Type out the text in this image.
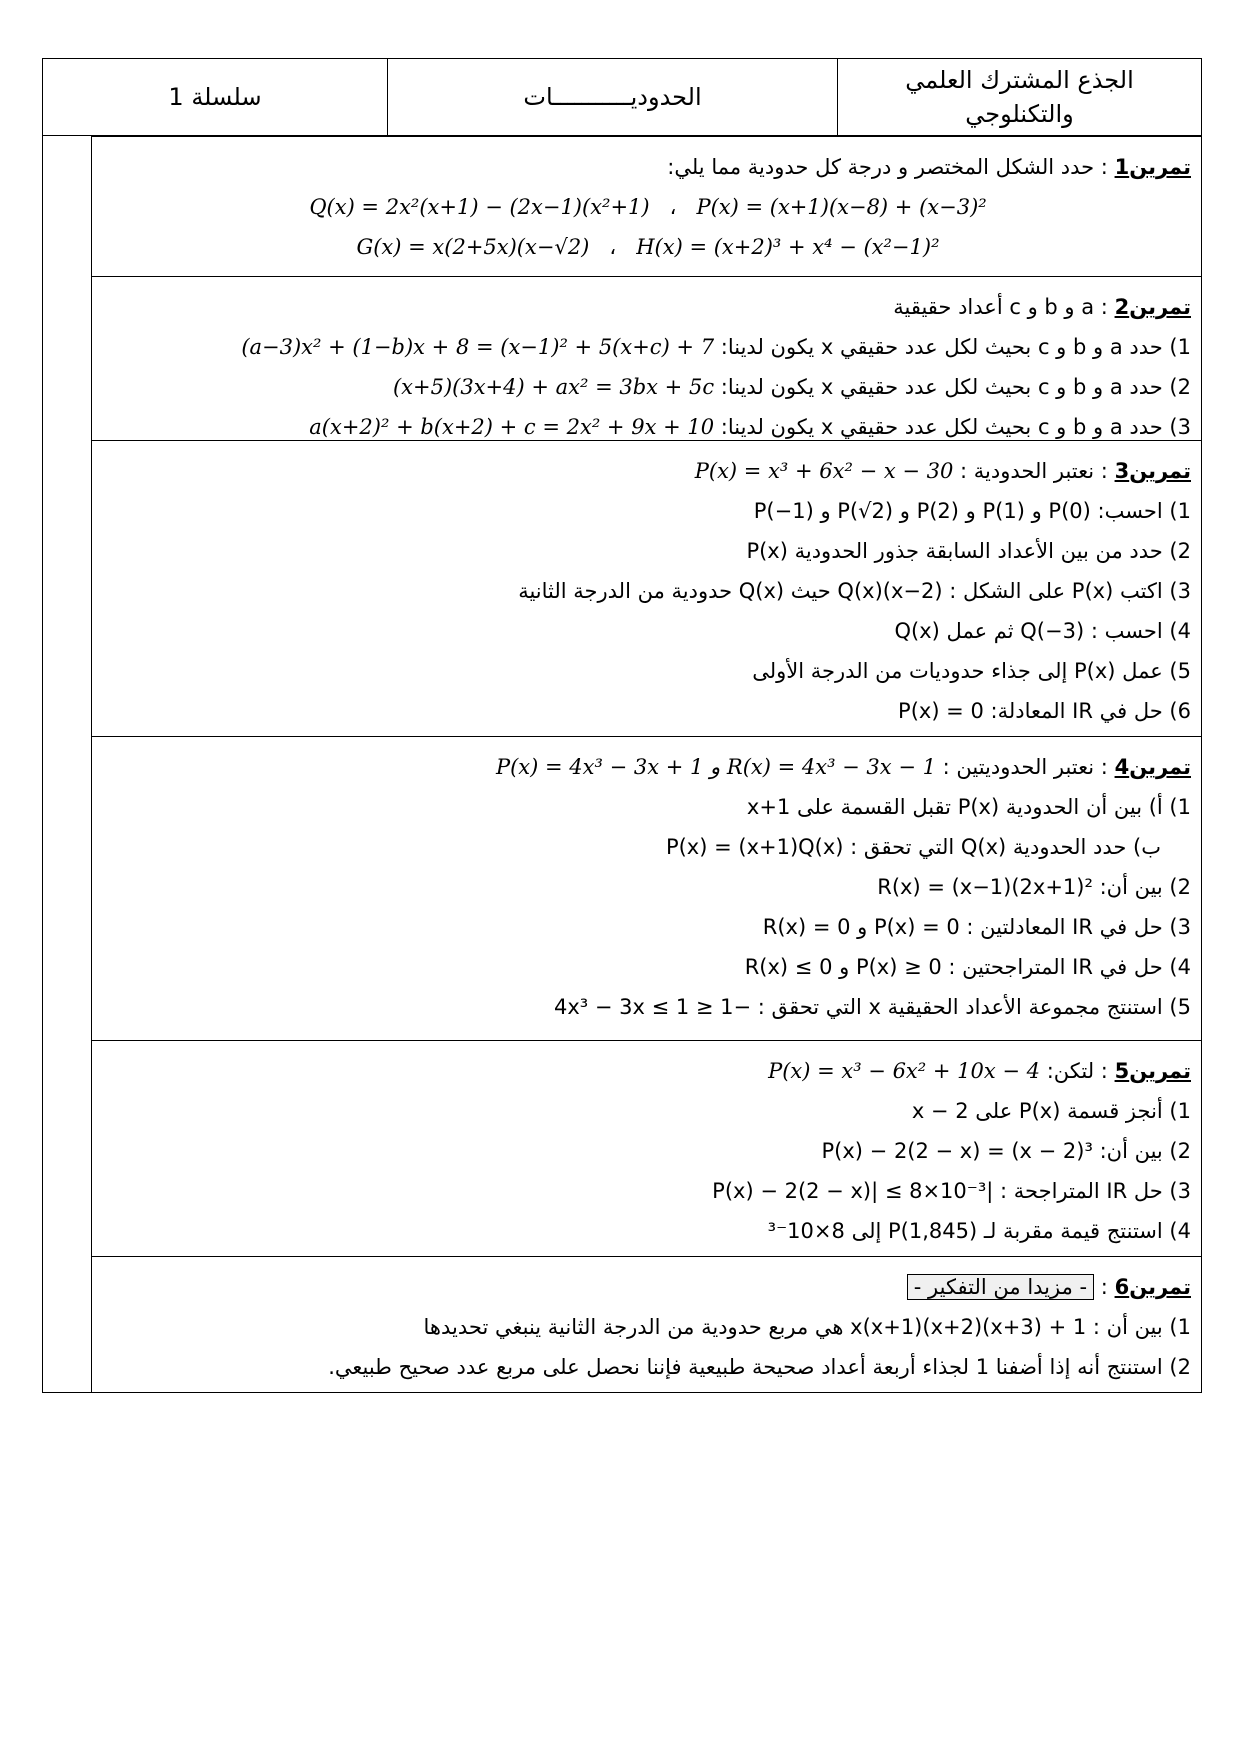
سلسلة 1	الحدوديـــــــــــات
الجذع المشترك العلمي
والتكنلوجي
تمرين1 : حدد الشكل المختصر و درجة كل حدودية مما يلي:
P(x) = (x+1)(x−8) + (x−3)²   ،   Q(x) = 2x²(x+1) − (2x−1)(x²+1)
H(x) = (x+2)³ + x⁴ − (x²−1)²   ،   G(x) = x(2+5x)(x−√2)
تمرين2 : a و b و c أعداد حقيقية
1) حدد a و b و c بحيث لكل عدد حقيقي x يكون لدينا: (a−3)x² + (1−b)x + 8 = (x−1)² + 5(x+c) + 7
2) حدد a و b و c بحيث لكل عدد حقيقي x يكون لدينا: (x+5)(3x+4) + ax² = 3bx + 5c
3) حدد a و b و c بحيث لكل عدد حقيقي x يكون لدينا: a(x+2)² + b(x+2) + c = 2x² + 9x + 10
تمرين3 : نعتبر الحدودية : P(x) = x³ + 6x² − x − 30
1) احسب: P(0) و P(1) و P(2) و P(√2) و P(−1)
2) حدد من بين الأعداد السابقة جذور الحدودية P(x)
3) اكتب P(x) على الشكل : (x−2)Q(x) حيث Q(x) حدودية من الدرجة الثانية
4) احسب : Q(−3) ثم عمل Q(x)
5) عمل P(x) إلى جذاء حدوديات من الدرجة الأولى
6) حل في IR المعادلة: P(x) = 0
تمرين4 : نعتبر الحدوديتين : P(x) = 4x³ − 3x + 1 و R(x) = 4x³ − 3x − 1
1) أ) بين أن الحدودية P(x) تقبل القسمة على x+1
ب) حدد الحدودية Q(x) التي تحقق : P(x) = (x+1)Q(x)
2) بين أن: R(x) = (x−1)(2x+1)²
3) حل في IR المعادلتين : P(x) = 0 و R(x) = 0
4) حل في IR المتراجحتين : P(x) ≥ 0 و R(x) ≤ 0
5) استنتج مجموعة الأعداد الحقيقية x التي تحقق : −1 ≤ 4x³ − 3x ≤ 1
تمرين5 : لتكن: P(x) = x³ − 6x² + 10x − 4
1) أنجز قسمة P(x) على x − 2
2) بين أن: P(x) − 2(2 − x) = (x − 2)³
3) حل IR المتراجحة : |P(x) − 2(2 − x)| ≤ 8×10⁻³
4) استنتج قيمة مقربة لـ P(1,845) إلى 8×10⁻³
تمرين6 : - مزيدا من التفكير -
1) بين أن : x(x+1)(x+2)(x+3) + 1 هي مربع حدودية من الدرجة الثانية ينبغي تحديدها
2) استنتج أنه إذا أضفنا 1 لجذاء أربعة أعداد صحيحة طبيعية فإننا نحصل على مربع عدد صحيح طبيعي.
